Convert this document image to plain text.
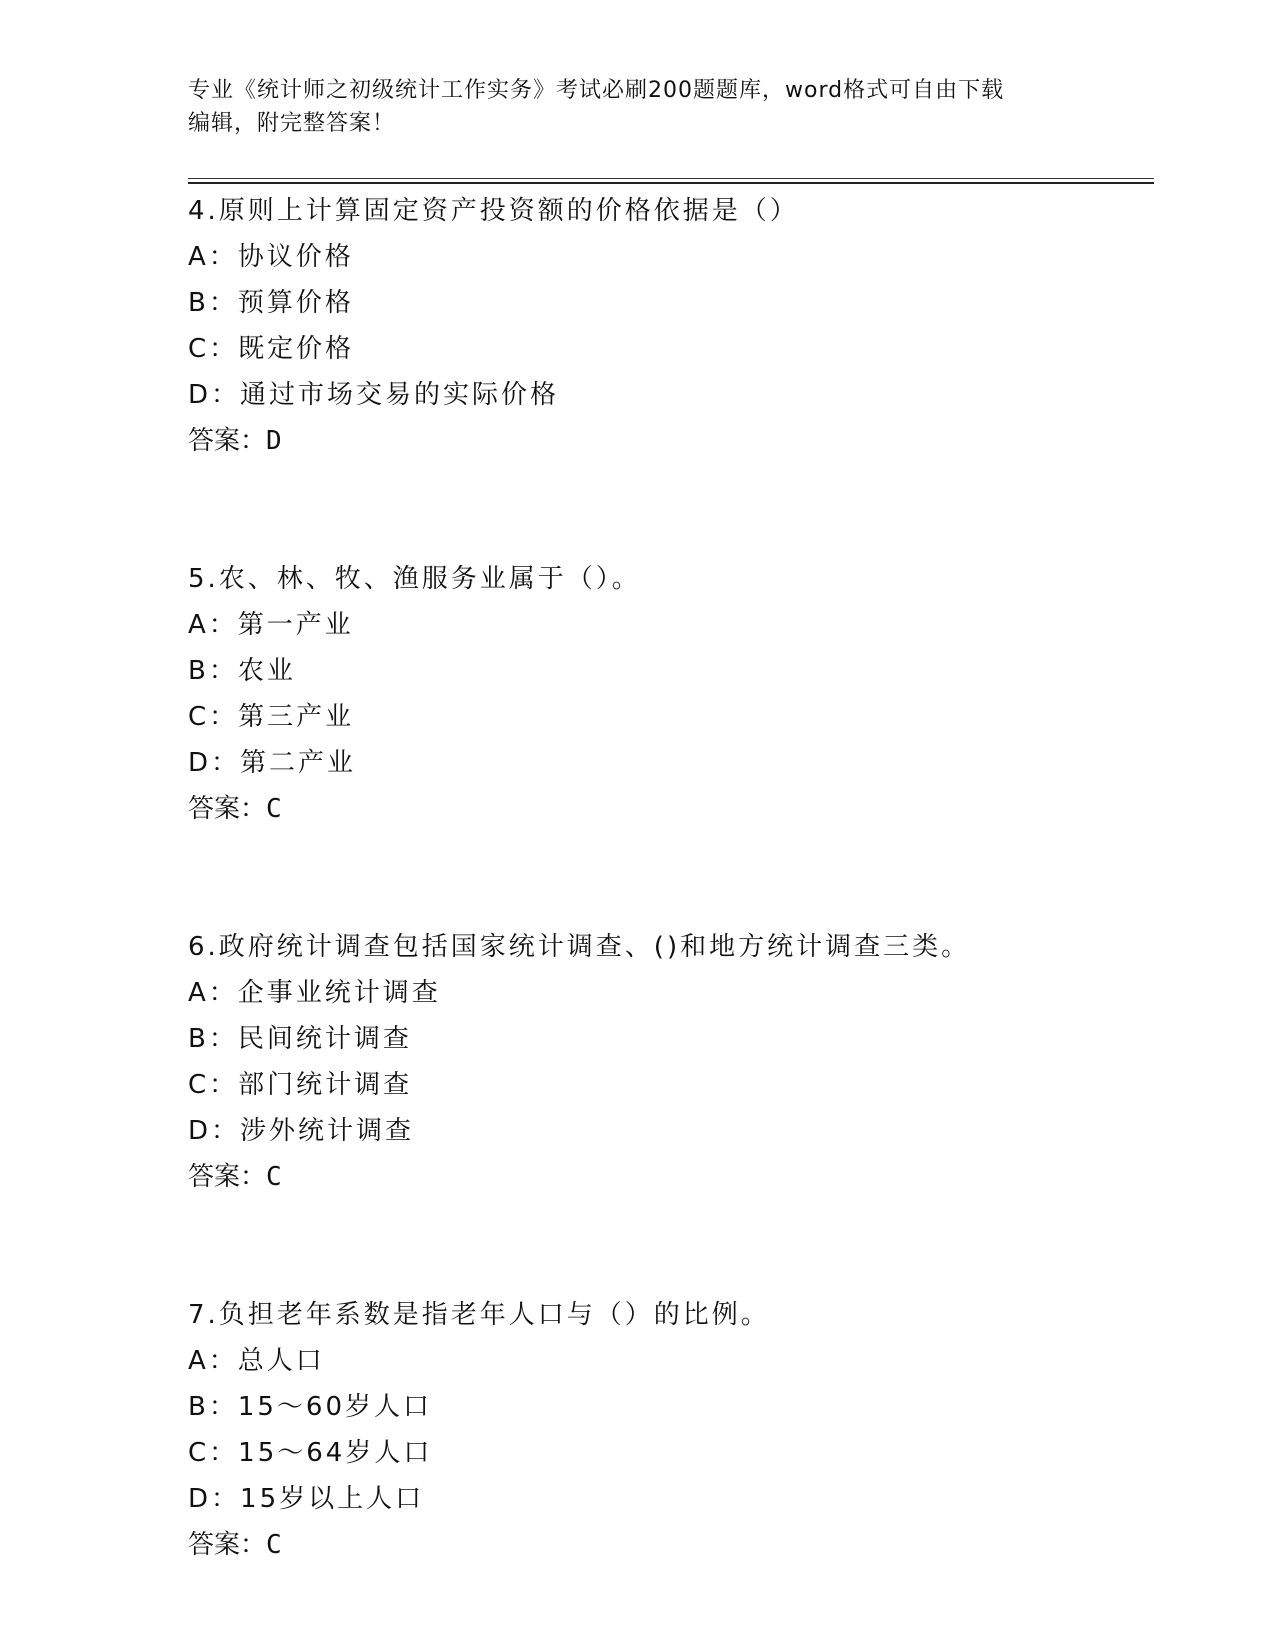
专业《统计师之初级统计工作实务》考试必刷200题题库，word格式可自由下载
编辑，附完整答案！
4.原则上计算固定资产投资额的价格依据是（）
A：协议价格
B：预算价格
C：既定价格
D：通过市场交易的实际价格
答案：D
5.农、林、牧、渔服务业属于（）。
A：第一产业
B：农业
C：第三产业
D：第二产业
答案：C
6.政府统计调查包括国家统计调查、()和地方统计调查三类。
A：企事业统计调查
B：民间统计调查
C：部门统计调查
D：涉外统计调查
答案：C
7.负担老年系数是指老年人口与（）的比例。
A：总人口
B：15～60岁人口
C：15～64岁人口
D：15岁以上人口
答案：C
